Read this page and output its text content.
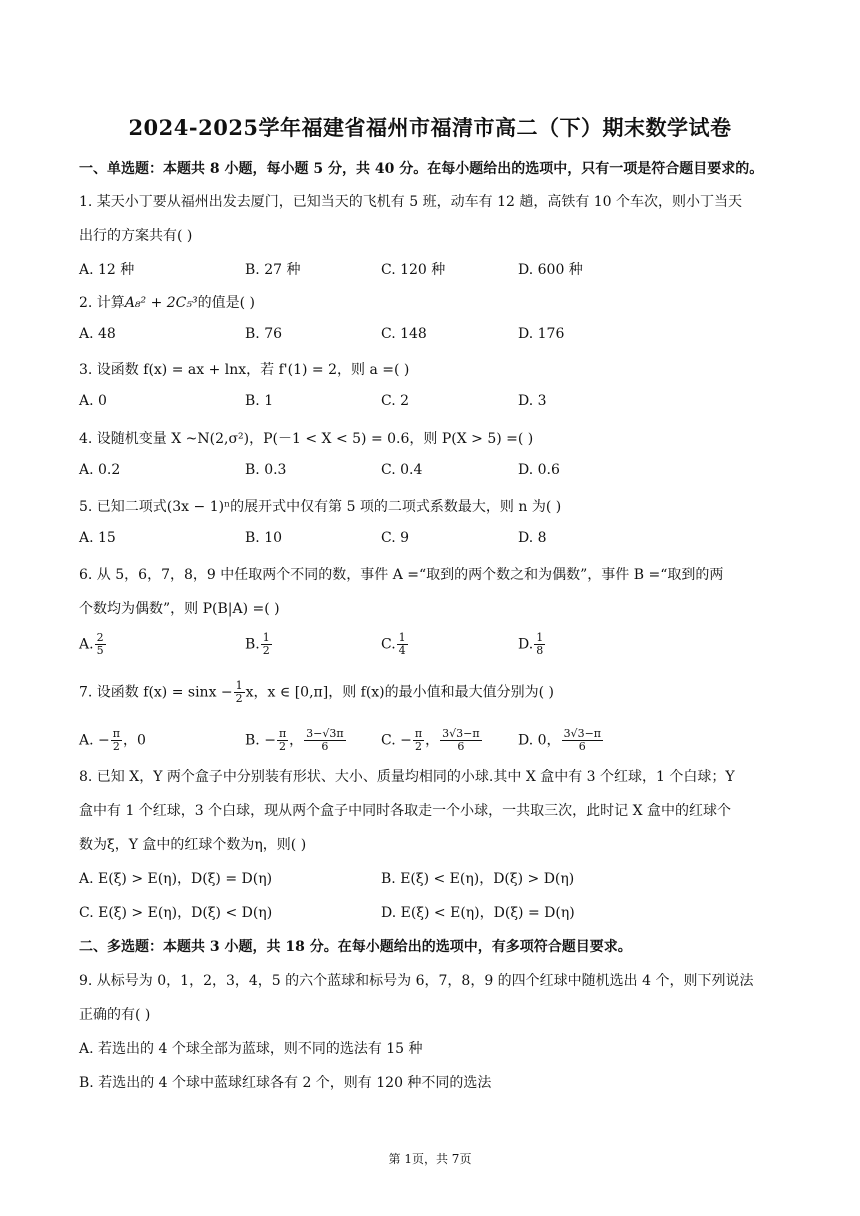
2024-2025学年福建省福州市福清市高二（下）期末数学试卷
一、单选题：本题共 8 小题，每小题 5 分，共 40 分。在每小题给出的选项中，只有一项是符合题目要求的。
1. 某天小丁要从福州出发去厦门，已知当天的飞机有 5 班，动车有 12 趟，高铁有 10 个车次，则小丁当天
出行的方案共有( )
A. 12 种	B. 27 种	C. 120 种	D. 600 种
2. 计算A₈² + 2C₅³的值是( )
A. 48	B. 76	C. 148	D. 176
3. 设函数 f(x) = ax + lnx，若 f'(1) = 2，则 a =( )
A. 0	B. 1	C. 2	D. 3
4. 设随机变量 X ~N(2,σ²)，P(－1 < X < 5) = 0.6，则 P(X > 5) =( )
A. 0.2	B. 0.3	C. 0.4	D. 0.6
5. 已知二项式(3x − 1)ⁿ的展开式中仅有第 5 项的二项式系数最大，则 n 为( )
A. 15	B. 10	C. 9	D. 8
6. 从 5，6，7，8，9 中任取两个不同的数，事件 A =“取到的两个数之和为偶数”，事件 B =“取到的两
个数均为偶数”，则 P(B|A) =( )
A. $\frac{2}{5}$	B. $\frac{1}{2}$	C. $\frac{1}{4}$	D. $\frac{1}{8}$
7. 设函数 $f(x) = \sin x - \frac{1}{2}$ x，x ∈ [0,π]，则 f(x)的最小值和最大值分别为( )
A. − $\frac{\pi}{2}$ ，0	B. − $\frac{\pi}{2}$ ， $\frac{3-√3\pi}{6}$	C. − $\frac{\pi}{2}$ ， $\frac{3√3-\pi}{6}$	D. 0， $\frac{3√3-\pi}{6}$
8. 已知 X，Y 两个盒子中分别装有形状、大小、质量均相同的小球.其中 X 盒中有 3 个红球，1 个白球；Y
盒中有 1 个红球，3 个白球，现从两个盒子中同时各取走一个小球，一共取三次，此时记 X 盒中的红球个
数为ξ，Y 盒中的红球个数为η，则( )
A. E(ξ) > E(η)，D(ξ) = D(η)	B. E(ξ) < E(η)，D(ξ) > D(η)
C. E(ξ) > E(η)，D(ξ) < D(η)	D. E(ξ) < E(η)，D(ξ) = D(η)
二、多选题：本题共 3 小题，共 18 分。在每小题给出的选项中，有多项符合题目要求。
9. 从标号为 0，1，2，3，4，5 的六个蓝球和标号为 6，7，8，9 的四个红球中随机选出 4 个，则下列说法
正确的有( )
A. 若选出的 4 个球全部为蓝球，则不同的选法有 15 种
B. 若选出的 4 个球中蓝球红球各有 2 个，则有 120 种不同的选法
第 1页，共 7页
